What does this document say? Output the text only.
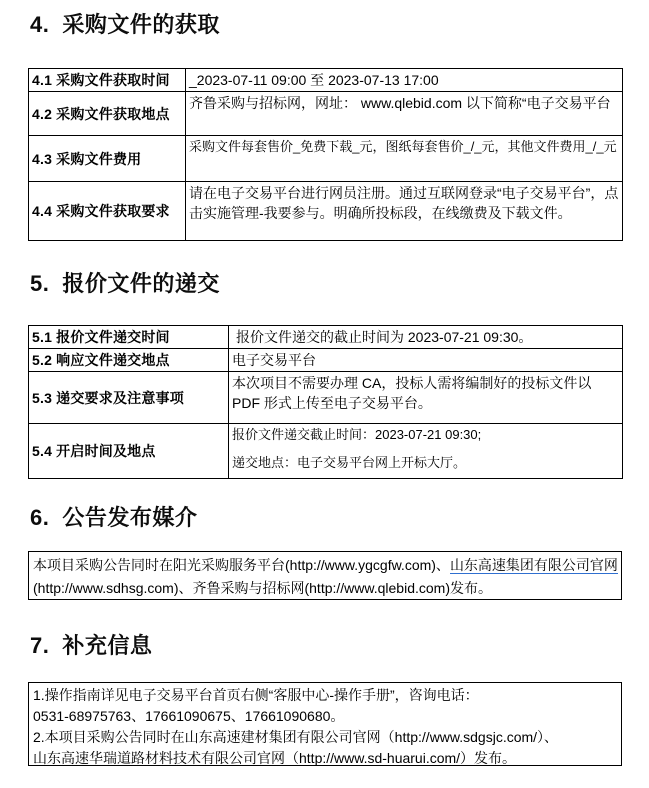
4. 采购文件的获取
4.1 采购文件获取时间	_2023-07-11 09:00 至 2023-07-13 17:00
4.2 采购文件获取地点	齐鲁采购与招标网，网址： www.qlebid.com 以下简称“电子交易平台
4.3 采购文件费用	采购文件每套售价_免费下载_元，图纸每套售价_/_元，其他文件费用_/_元
4.4 采购文件获取要求	请在电子交易平台进行网员注册。通过互联网登录“电子交易平台”，点击实施管理-我要参与。明确所投标段，在线缴费及下载文件。
5. 报价文件的递交
5.1 报价文件递交时间	报价文件递交的截止时间为 2023-07-21 09:30。
5.2 响应文件递交地点	电子交易平台
5.3 递交要求及注意事项	本次项目不需要办理 CA，投标人需将编制好的投标文件以 PDF 形式上传至电子交易平台。
5.4 开启时间及地点	报价文件递交截止时间：2023-07-21 09:30;
递交地点：电子交易平台网上开标大厅。
6. 公告发布媒介
本项目采购公告同时在阳光采购服务平台(http://www.ygcgfw.com)、山东高速集团有限公司官网
(http://www.sdhsg.com)、齐鲁采购与招标网(http://www.qlebid.com)发布。
7. 补充信息
1.操作指南详见电子交易平台首页右侧“客服中心-操作手册”，咨询电话：
0531-68975763、17661090675、17661090680。
2.本项目采购公告同时在山东高速建材集团有限公司官网（http://www.sdgsjc.com/）、
山东高速华瑞道路材料技术有限公司官网（http://www.sd-huarui.com/）发布。
